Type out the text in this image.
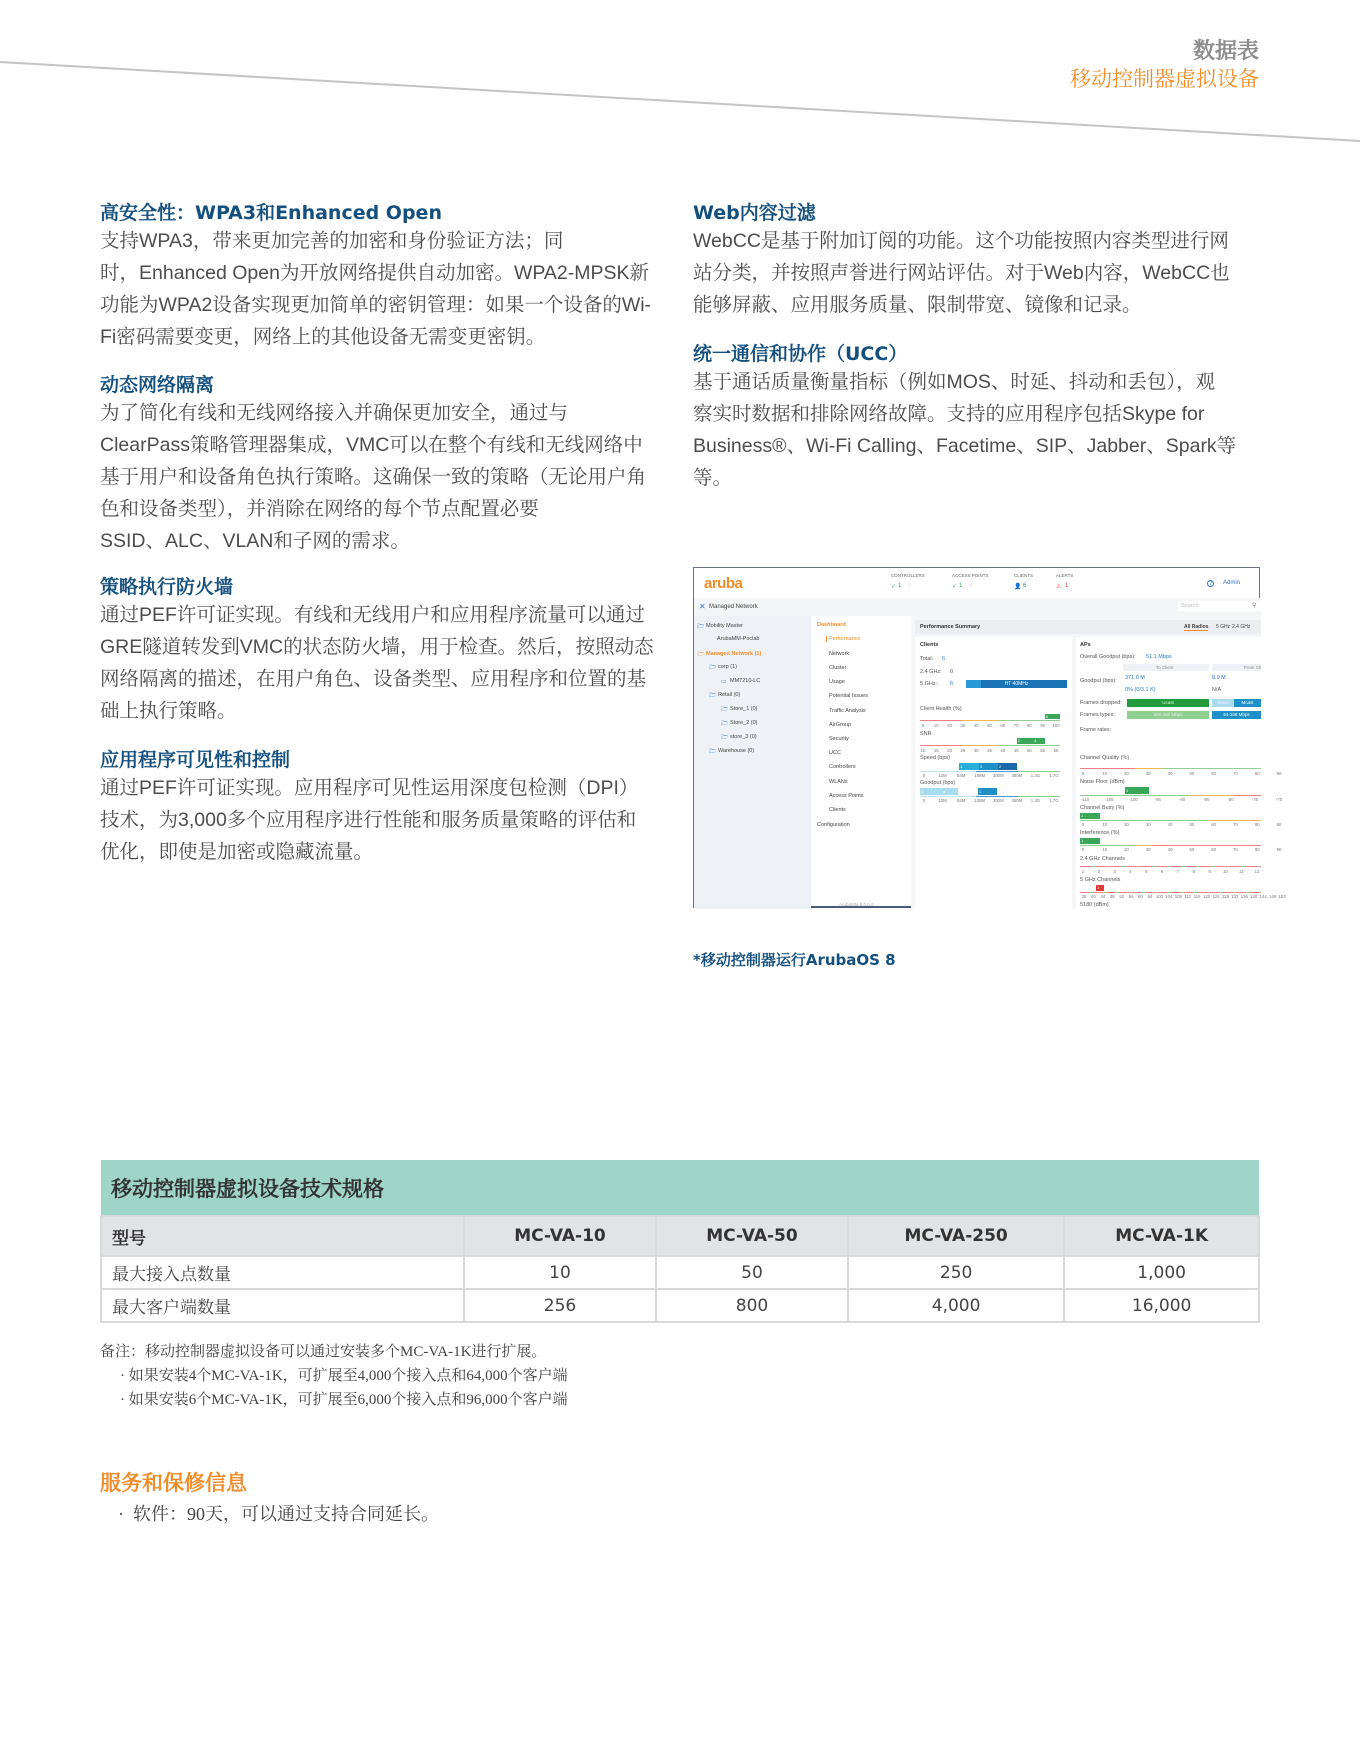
数据表
移动控制器虚拟设备
高安全性：WPA3和Enhanced Open
支持WPA3，带来更加完善的加密和身份验证方法；同
时，Enhanced Open为开放网络提供自动加密。WPA2-MPSK新
功能为WPA2设备实现更加简单的密钥管理：如果一个设备的Wi-
Fi密码需要变更，网络上的其他设备无需变更密钥。
动态网络隔离
为了简化有线和无线网络接入并确保更加安全，通过与
ClearPass策略管理器集成，VMC可以在整个有线和无线网络中
基于用户和设备角色执行策略。这确保一致的策略（无论用户角
色和设备类型），并消除在网络的每个节点配置必要
SSID、ALC、VLAN和子网的需求。
策略执行防火墙
通过PEF许可证实现。有线和无线用户和应用程序流量可以通过
GRE隧道转发到VMC的状态防火墙，用于检查。然后，按照动态
网络隔离的描述，在用户角色、设备类型、应用程序和位置的基
础上执行策略。
应用程序可见性和控制
通过PEF许可证实现。应用程序可见性运用深度包检测（DPI）
技术，为3,000多个应用程序进行性能和服务质量策略的评估和
优化，即使是加密或隐藏流量。
Web内容过滤
WebCC是基于附加订阅的功能。这个功能按照内容类型进行网
站分类，并按照声誉进行网站评估。对于Web内容，WebCC也
能够屏蔽、应用服务质量、限制带宽、镜像和记录。
统一通信和协作（UCC）
基于通话质量衡量指标（例如MOS、时延、抖动和丢包），观
察实时数据和排除网络故障。支持的应用程序包括Skype for
Business®、Wi-Fi Calling、Facetime、SIP、Jabber、Spark等
等。
aruba	CONTROLLERS
✓ 1 0
ACCESS POINTS
✓ 1 0
CLIENTS
👤 6
ALERTS
⚠ 1	?	Admin
✕ Managed Network	Search	⚲
🗁 Mobility Master
ArubaMM-Poclab
🗁 Managed Network (1)
🗁 corp (1)
▭ MM7210-LC
🗁 Retail (0)
🗁 Store_1 (0)
🗁 Store_2 (0)
🗁 store_3 (0)
🗁 Warehouse (0)
Dashboard
Performance
Network
Cluster
Usage
Potential Issues
Traffic Analysis
AirGroup
Security
UCC
Controllers
WLANs
Access Points
Clients
Configuration
ArubaMM.8.0.0.0
Performance Summary	All Radios 5 GHz 2.4 GHz
Clients	APs
Total: 6
2.4 GHz: 0
5 GHz: 6	HT 40MHz
Client Health (%)
6
0 10 20 30 40 50 60 70 80 90 100
SNR
2	4
10 15 20 25 30 35 40 45 50 55 60
Speed (bps)
1	3	2
0	12M 54M 108M 300M 450M 1.3G 1.7G
Goodput (bps)
1	4	1
0	12M 54M 108M 300M 450M 1.3G 1.7G
Overall Goodput (bps): 51.1 Mbps
To Client	From Cli
Goodput (bps): 371.0 M	8.9 M
0% (0/3.1 K)	N/A
Frames dropped:	Ucast	Bcast	Mcast
Frames types:	300-450 Mbps	54-108 Mbps
Frame rates:
Channel Quality (%)
0	10	20	30	40	50	60	70	80	90
Noise Floor (dBm)
1
-110	-105	-100	-95	-90	-85	-80	-75	-70
Channel Busy (%)
1
0	10	20	30	40	50	60	70	80	90
Interference (%)
1
0	10	20	30	40	50	60	70	80	90
2.4 GHz Channels
1	2	3	4	5	6	7	8	9	10	11	12
5 GHz Channels
1
36 40 44 48 52 56 60 64 100 104 108 112 116 120 124 128 132 136 140 144 149 153
5180 (dBm)
*移动控制器运行ArubaOS 8
移动控制器虚拟设备技术规格				
型号	MC-VA-10	MC-VA-50	MC-VA-250	MC-VA-1K
最大接入点数量	10	50	250	1,000
最大客户端数量	256	800	4,000	16,000
备注：移动控制器虚拟设备可以通过安装多个MC-VA-1K进行扩展。
· 如果安装4个MC-VA-1K，可扩展至4,000个接入点和64,000个客户端
· 如果安装6个MC-VA-1K，可扩展至6,000个接入点和96,000个客户端
服务和保修信息
·  软件：90天，可以通过支持合同延长。
